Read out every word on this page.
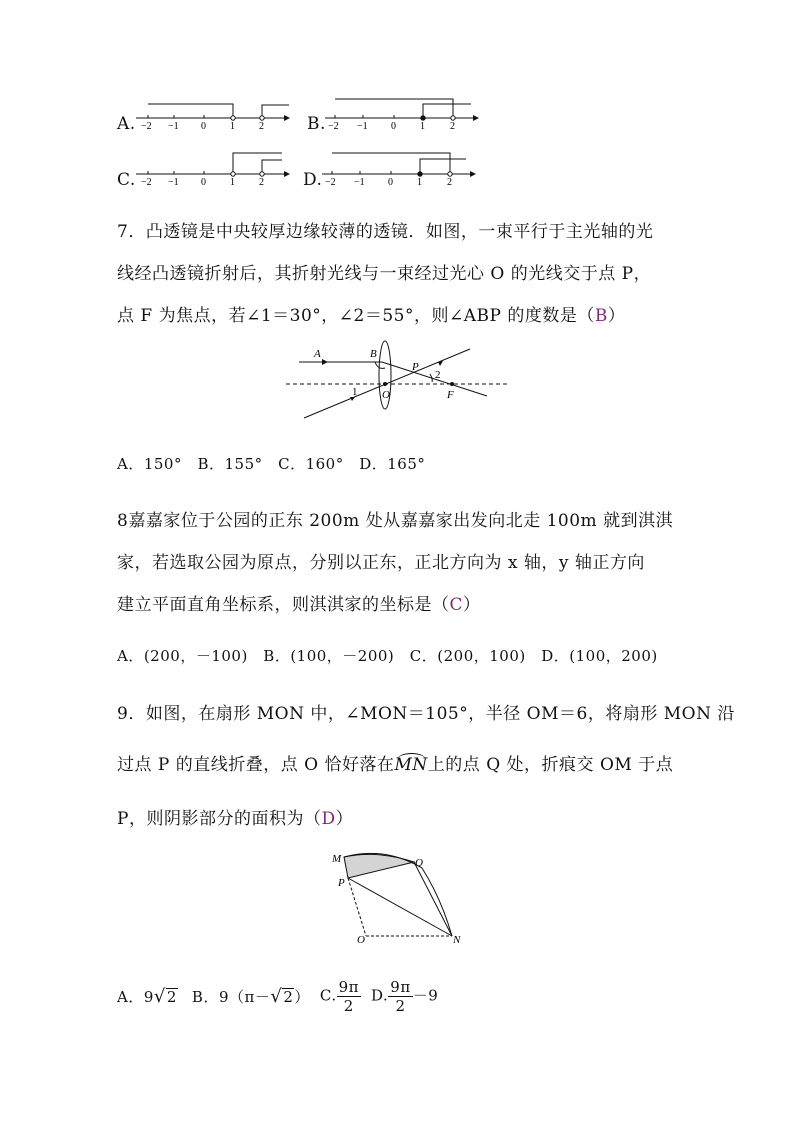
A. −2 −1 0 1 2	B. −2 −1 0 1	2
C. −2 −1 0 1 2 D. −2 −1 0 1	2
7．凸透镜是中央较厚边缘较薄的透镜．如图，一束平行于主光轴的光
线经凸透镜折射后，其折射光线与一束经过光心 O 的光线交于点 P，
点 F 为焦点，若∠1＝30°，∠2＝55°，则∠ABP 的度数是（B）
A	B
P
2
1 O	F
A．150°　B．155°　C．160°　D．165°
8嘉嘉家位于公园的正东 200m 处从嘉嘉家出发向北走 100m 就到淇淇
家，若选取公园为原点，分别以正东，正北方向为 x 轴，y 轴正方向
建立平面直角坐标系，则淇淇家的坐标是（C）
A．(200，－100)　B．(100，－200)　C．(200，100)　D．(100，200)
9．如图，在扇形 MON 中，∠MON＝105°，半径 OM＝6，将扇形 MON 沿
过点 P 的直线折叠，点 O 恰好落在MN上的点 Q 处，折痕交 OM 于点
P，则阴影部分的面积为（D）
M	Q
P
O	N
A．9√2 B．9（π－√2） C. $\frac{9\pi}{2} D$. $\frac{9\pi}{2} -9$
